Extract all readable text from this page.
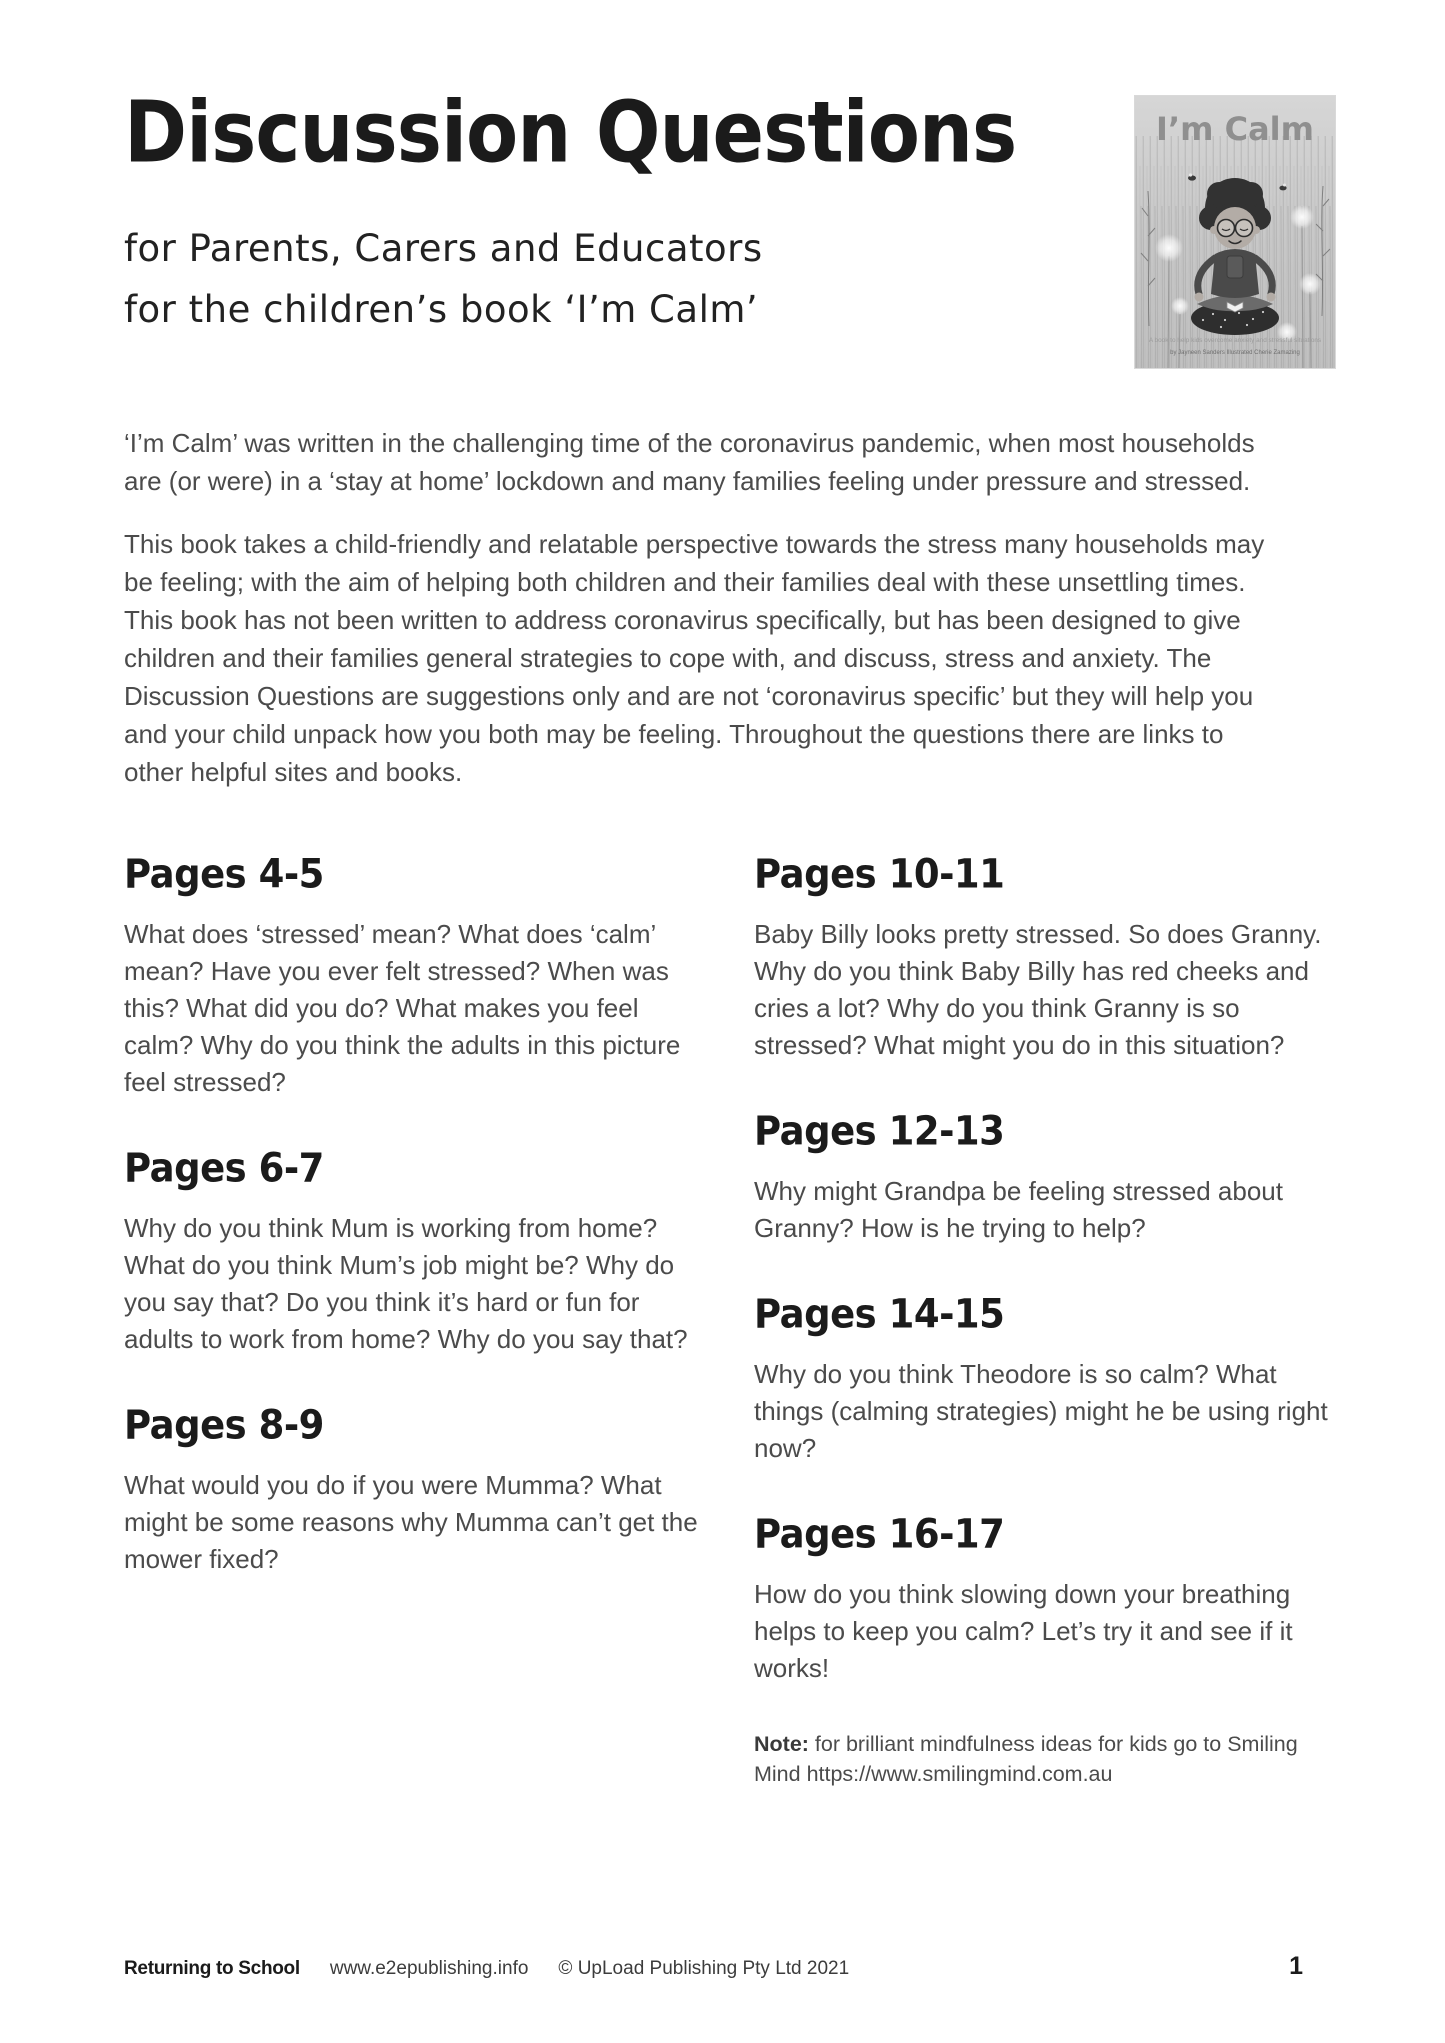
Discussion Questions
for Parents, Carers and Educators
for the children’s book ‘I’m Calm’
I’m Calm
A book to help kids overcome anxiety and stressful situations
by Jayneen Sanders Illustrated Cherie Zamazing

‘I’m Calm’ was written in the challenging time of the coronavirus pandemic, when most households are (or were) in a ‘stay at home’ lockdown and many families feeling under pressure and stressed.

This book takes a child-friendly and relatable perspective towards the stress many households may be feeling; with the aim of helping both children and their families deal with these unsettling times. This book has not been written to address coronavirus specifically, but has been designed to give children and their families general strategies to cope with, and discuss, stress and anxiety. The Discussion Questions are suggestions only and are not ‘coronavirus specific’ but they will help you and your child unpack how you both may be feeling. Throughout the questions there are links to other helpful sites and books.

Pages 4-5

What does ‘stressed’ mean? What does ‘calm’ mean? Have you ever felt stressed? When was this? What did you do? What makes you feel calm? Why do you think the adults in this picture feel stressed?

Pages 6-7

Why do you think Mum is working from home? What do you think Mum’s job might be? Why do you say that? Do you think it’s hard or fun for adults to work from home? Why do you say that?

Pages 8-9

What would you do if you were Mumma? What might be some reasons why Mumma can’t get the mower fixed?

Pages 10-11

Baby Billy looks pretty stressed. So does Granny. Why do you think Baby Billy has red cheeks and cries a lot? Why do you think Granny is so stressed? What might you do in this situation?

Pages 12-13

Why might Grandpa be feeling stressed about Granny? How is he trying to help?

Pages 14-15

Why do you think Theodore is so calm? What things (calming strategies) might he be using right now?

Pages 16-17

How do you think slowing down your breathing helps to keep you calm? Let’s try it and see if it works!

Note: for brilliant mindfulness ideas for kids go to Smiling Mind https://www.smilingmind.com.au

Returning to School www.e2epublishing.info © UpLoad Publishing Pty Ltd 2021	1
